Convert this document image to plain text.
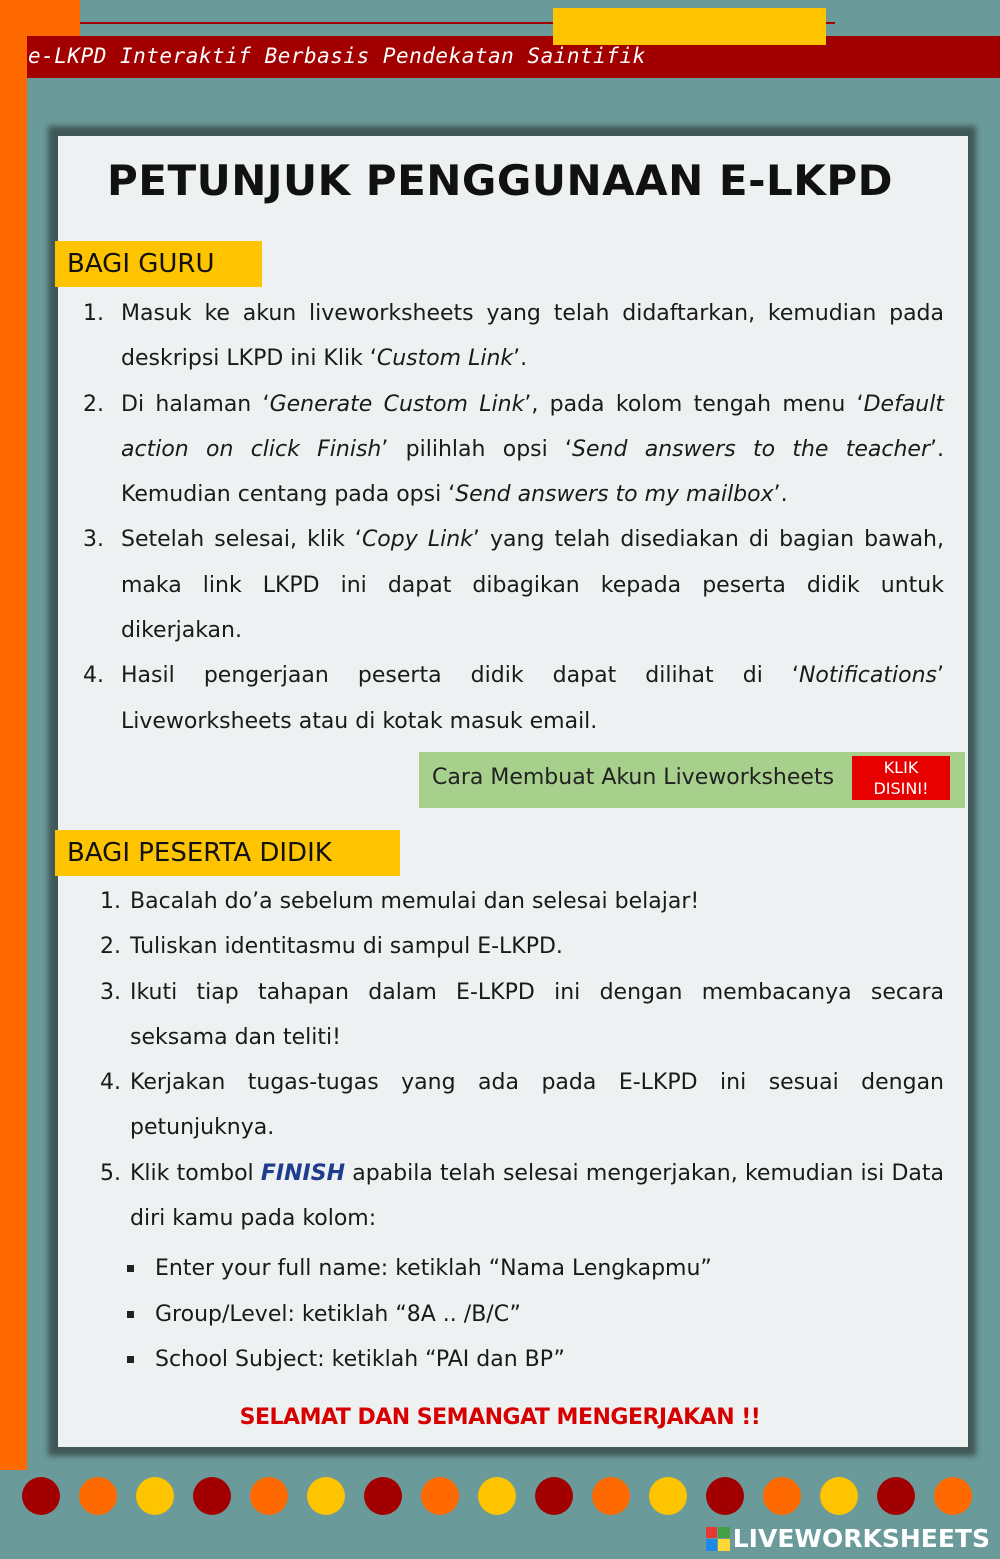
e-LKPD Interaktif Berbasis Pendekatan Saintifik
PETUNJUK PENGGUNAAN E-LKPD
BAGI GURU
1. Masuk ke akun liveworksheets yang telah didaftarkan, kemudian pada deskripsi LKPD ini Klik ‘Custom Link’.
2. Di halaman ‘Generate Custom Link’, pada kolom tengah menu ‘Default action on click Finish’ pilihlah opsi ‘Send answers to the teacher’. Kemudian centang pada opsi ‘Send answers to my mailbox’.
3. Setelah selesai, klik ‘Copy Link’ yang telah disediakan di bagian bawah, maka link LKPD ini dapat dibagikan kepada peserta didik untuk dikerjakan.
4. Hasil pengerjaan peserta didik dapat dilihat di ‘Notifications’ Liveworksheets atau di kotak masuk email.
Cara Membuat Akun Liveworksheets	KLIK
DISINI!
BAGI PESERTA DIDIK
1. Bacalah do’a sebelum memulai dan selesai belajar!
2. Tuliskan identitasmu di sampul E-LKPD.
3. Ikuti tiap tahapan dalam E-LKPD ini dengan membacanya secara seksama dan teliti!
4. Kerjakan tugas-tugas yang ada pada E-LKPD ini sesuai dengan petunjuknya.
5. Klik tombol FINISH apabila telah selesai mengerjakan, kemudian isi Data diri kamu pada kolom:
Enter your full name: ketiklah “Nama Lengkapmu”
Group/Level: ketiklah “8A .. /B/C”
School Subject: ketiklah “PAI dan BP”
SELAMAT DAN SEMANGAT MENGERJAKAN !!
LIVEWORKSHEETS
